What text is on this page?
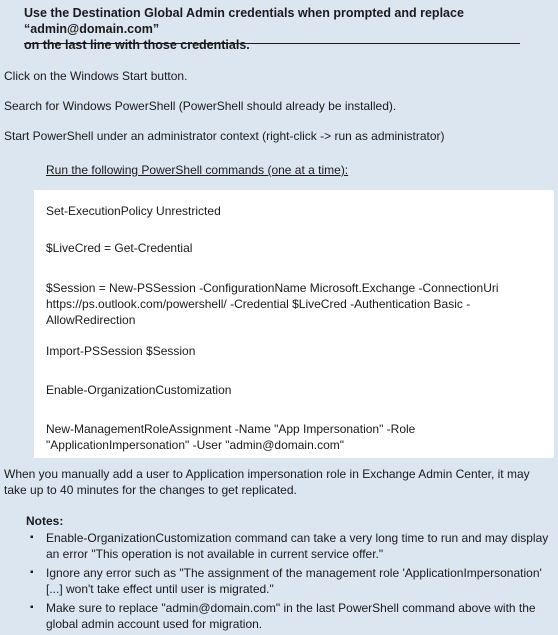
Use the Destination Global Admin credentials when prompted and replace “admin@domain.com”
on the last line with those credentials.
Click on the Windows Start button.
Search for Windows PowerShell (PowerShell should already be installed).
Start PowerShell under an administrator context (right-click -> run as administrator)
Run the following PowerShell commands (one at a time):
Set-ExecutionPolicy Unrestricted
$LiveCred = Get-Credential
$Session = New-PSSession -ConfigurationName Microsoft.Exchange -ConnectionUri https://ps.outlook.com/powershell/ -Credential $LiveCred -Authentication Basic -AllowRedirection
Import-PSSession $Session
Enable-OrganizationCustomization
New-ManagementRoleAssignment -Name "App Impersonation" -Role "ApplicationImpersonation" -User "admin@domain.com"
When you manually add a user to Application impersonation role in Exchange Admin Center, it may take up to 40 minutes for the changes to get replicated.
Notes:
▪ Enable-OrganizationCustomization command can take a very long time to run and may display an error "This operation is not available in current service offer."
▪ Ignore any error such as "The assignment of the management role 'ApplicationImpersonation' [...] won't take effect until user is migrated."
▪ Make sure to replace "admin@domain.com" in the last PowerShell command above with the global admin account used for migration.
